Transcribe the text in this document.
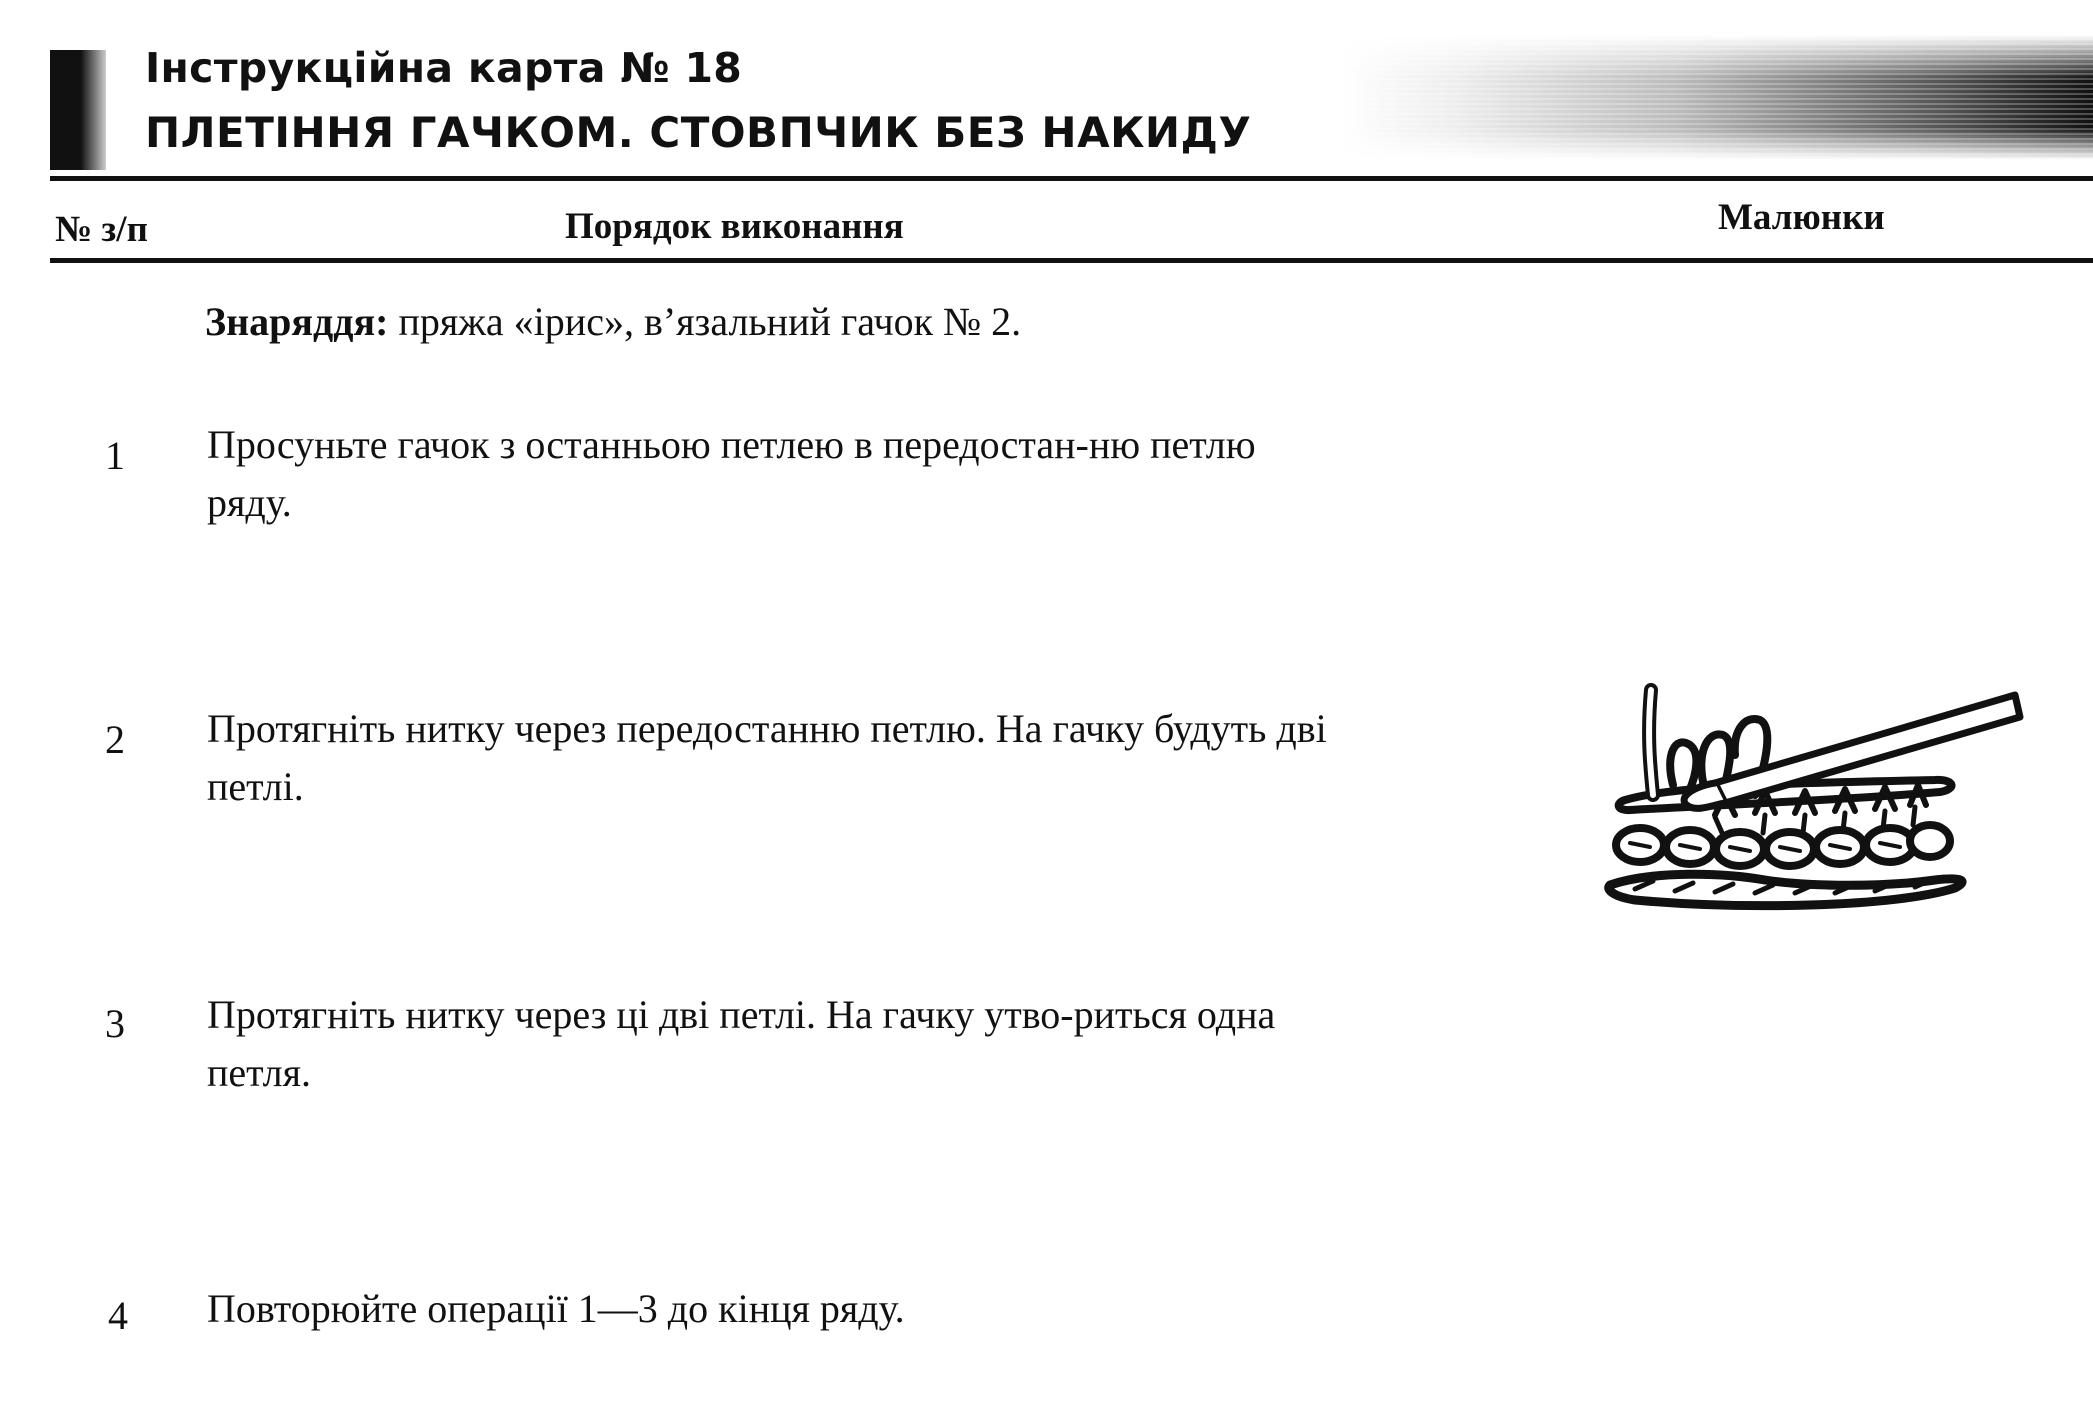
Інструкційна карта № 18
ПЛЕТІННЯ ГАЧКОМ. СТОВПЧИК БЕЗ НАКИДУ
№ з/п	Порядок виконання	Малюнки
Знаряддя: пряжа «ірис», в’язальний гачок № 2.
1 Просуньте гачок з останньою петлею в передостан-ню петлю ряду.
2 Протягніть нитку через передостанню петлю. На гачку будуть дві петлі.
3 Протягніть нитку через ці дві петлі. На гачку утво-риться одна петля.
4 Повторюйте операції 1—3 до кінця ряду.
